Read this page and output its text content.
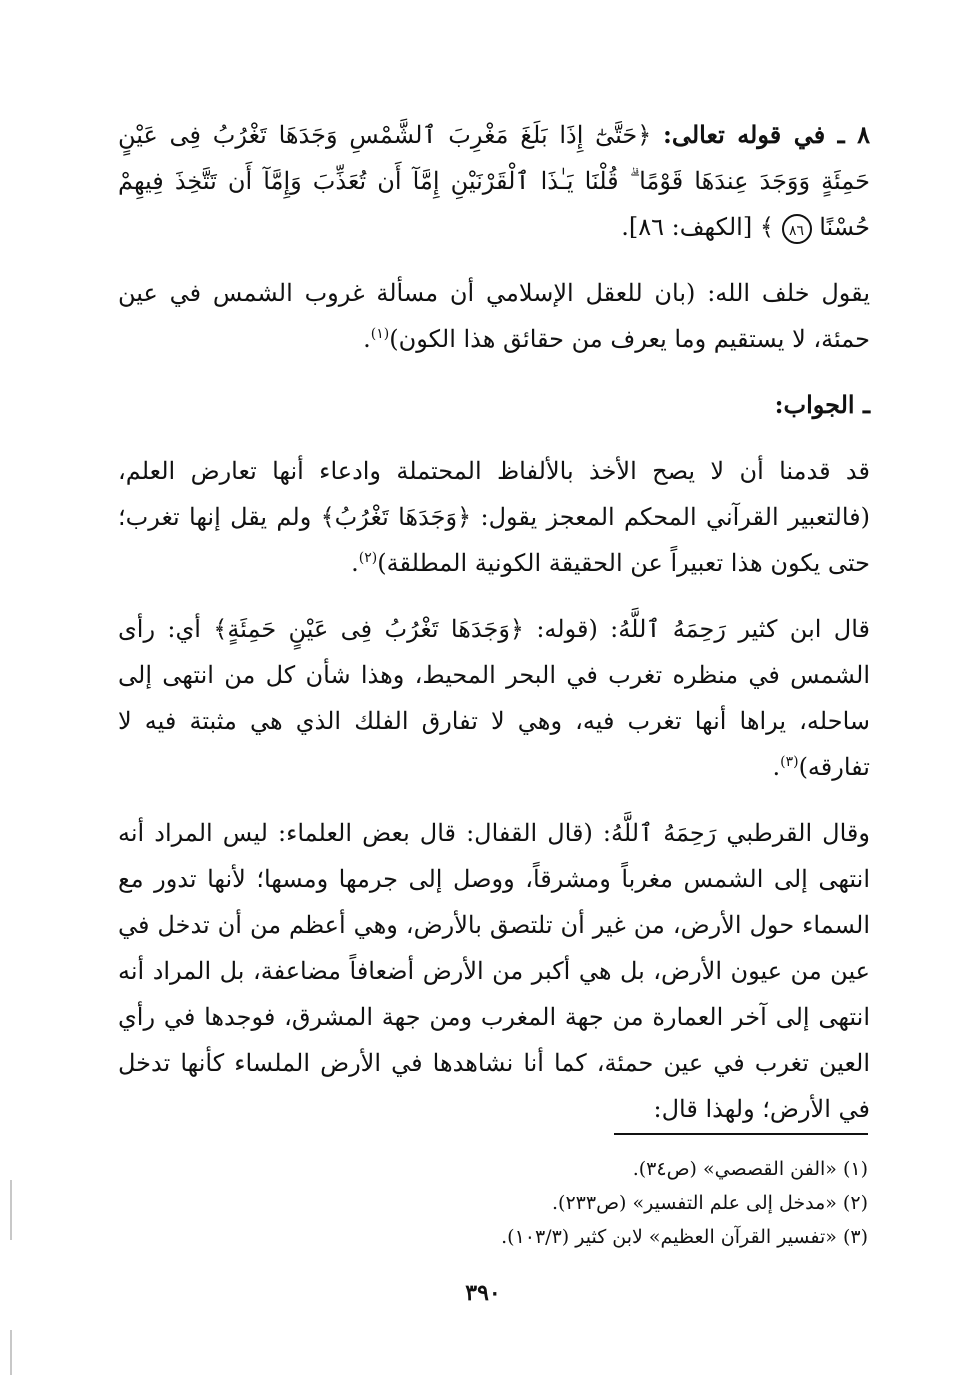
٨ ـ في قوله تعالى: ﴿حَتَّىٰٓ إِذَا بَلَغَ مَغْرِبَ ٱلشَّمْسِ وَجَدَهَا تَغْرُبُ فِى عَيْنٍ حَمِئَةٍ وَوَجَدَ عِندَهَا قَوْمًا ۗ قُلْنَا يَـٰذَا ٱلْقَرْنَيْنِ إِمَّآ أَن تُعَذِّبَ وَإِمَّآ أَن تَتَّخِذَ فِيهِمْ حُسْنًا ٨٦ ﴾ [الكهف: ٨٦].

يقول خلف الله: (بان للعقل الإسلامي أن مسألة غروب الشمس في عين حمئة، لا يستقيم وما يعرف من حقائق هذا الكون)$^{(١)}$.

ـ الجواب:

قد قدمنا أن لا يصح الأخذ بالألفاظ المحتملة وادعاء أنها تعارض العلم، (فالتعبير القرآني المحكم المعجز يقول: ﴿وَجَدَهَا تَغْرُبُ﴾ ولم يقل إنها تغرب؛ حتى يكون هذا تعبيراً عن الحقيقة الكونية المطلقة)$^{(٢)}$.

قال ابن كثير رَحِمَهُ ٱللَّهُ: (قوله: ﴿وَجَدَهَا تَغْرُبُ فِى عَيْنٍ حَمِئَةٍ﴾ أي: رأى الشمس في منظره تغرب في البحر المحيط، وهذا شأن كل من انتهى إلى ساحله، يراها أنها تغرب فيه، وهي لا تفارق الفلك الذي هي مثبتة فيه لا تفارقه)$^{(٣)}$.

وقال القرطبي رَحِمَهُ ٱللَّهُ: (قال القفال: قال بعض العلماء: ليس المراد أنه انتهى إلى الشمس مغرباً ومشرقاً، ووصل إلى جرمها ومسها؛ لأنها تدور مع السماء حول الأرض، من غير أن تلتصق بالأرض، وهي أعظم من أن تدخل في عين من عيون الأرض، بل هي أكبر من الأرض أضعافاً مضاعفة، بل المراد أنه انتهى إلى آخر العمارة من جهة المغرب ومن جهة المشرق، فوجدها في رأي العين تغرب في عين حمئة، كما أنا نشاهدها في الأرض الملساء كأنها تدخل في الأرض؛ ولهذا قال:

(١) «الفن القصصي» (ص٣٤).

(٢) «مدخل إلى علم التفسير» (ص٢٣٣).

(٣) «تفسير القرآن العظيم» لابن كثير (١٠٣/٣).

٣٩٠
